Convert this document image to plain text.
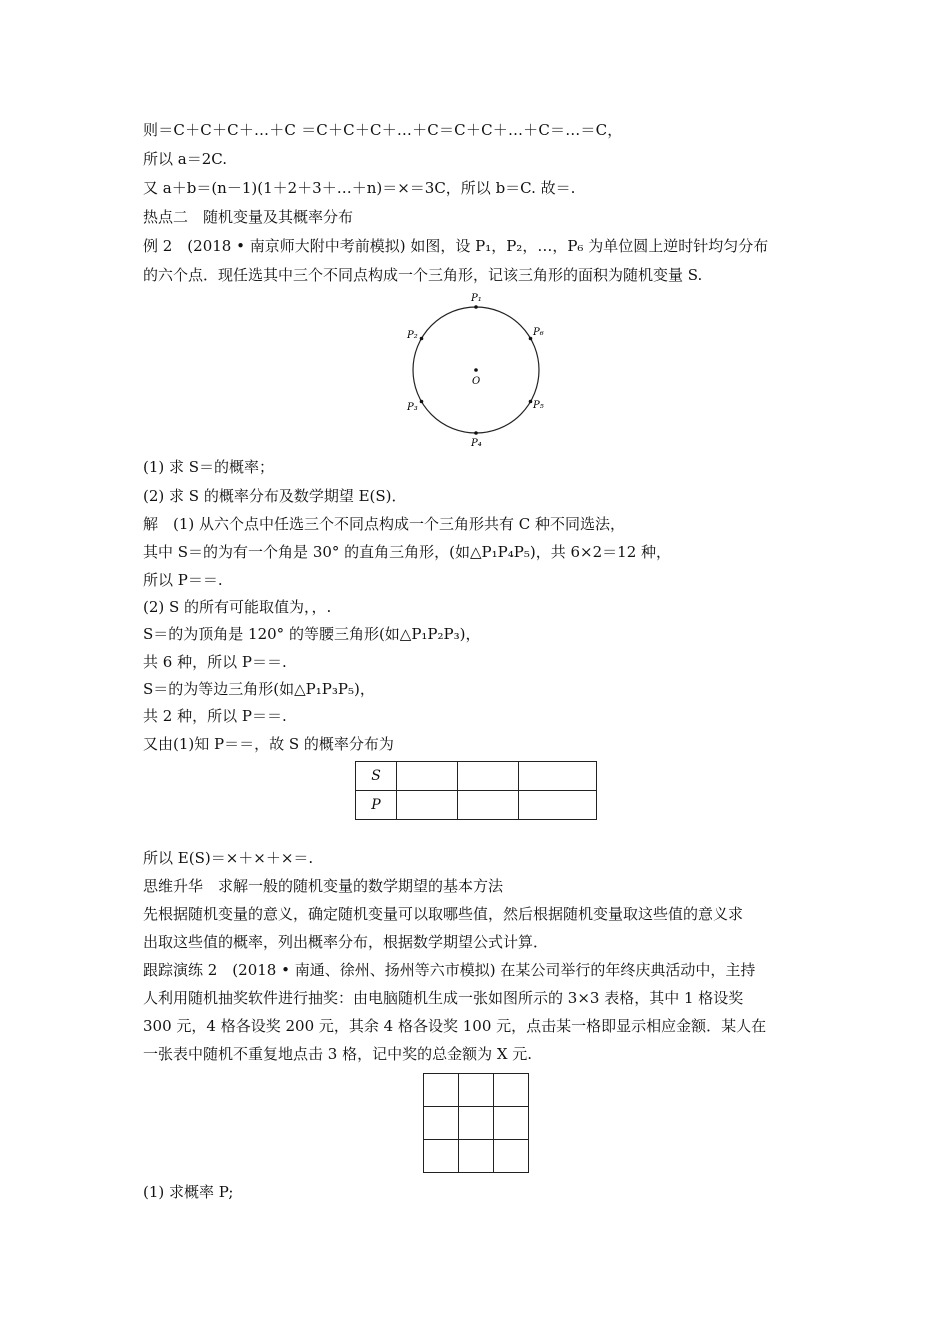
则＝C＋C＋C＋…＋C ＝C＋C＋C＋…＋C＝C＋C＋…＋C＝…＝C，
所以 a＝2C.
又 a＋b＝(n－1)(1＋2＋3＋…＋n)＝×＝3C，所以 b＝C. 故＝.
热点二　随机变量及其概率分布
例 2　(2018 • 南京师大附中考前模拟) 如图，设 P₁，P₂，…，P₆ 为单位圆上逆时针均匀分布
的六个点．现任选其中三个不同点构成一个三角形，记该三角形的面积为随机变量 S.
O
P₁
P₆
P₂
P₃	P₅
P₄
(1) 求 S＝的概率；
(2) 求 S 的概率分布及数学期望 E(S)．
解　(1) 从六个点中任选三个不同点构成一个三角形共有 C 种不同选法，
其中 S＝的为有一个角是 30° 的直角三角形，(如△P₁P₄P₅)，共 6×2＝12 种，
所以 P＝＝.
(2) S 的所有可能取值为，，.
S＝的为顶角是 120° 的等腰三角形(如△P₁P₂P₃)，
共 6 种，所以 P＝＝.
S＝的为等边三角形(如△P₁P₃P₅)，
共 2 种，所以 P＝＝.
又由(1)知 P＝＝，故 S 的概率分布为
S			
P			
所以 E(S)＝×＋×＋×＝.
思维升华　求解一般的随机变量的数学期望的基本方法
先根据随机变量的意义，确定随机变量可以取哪些值，然后根据随机变量取这些值的意义求
出取这些值的概率，列出概率分布，根据数学期望公式计算．
跟踪演练 2　(2018 • 南通、徐州、扬州等六市模拟) 在某公司举行的年终庆典活动中，主持
人利用随机抽奖软件进行抽奖：由电脑随机生成一张如图所示的 3×3 表格，其中 1 格设奖
300 元，4 格各设奖 200 元，其余 4 格各设奖 100 元，点击某一格即显示相应金额．某人在
一张表中随机不重复地点击 3 格，记中奖的总金额为 X 元.

(1) 求概率 P;
